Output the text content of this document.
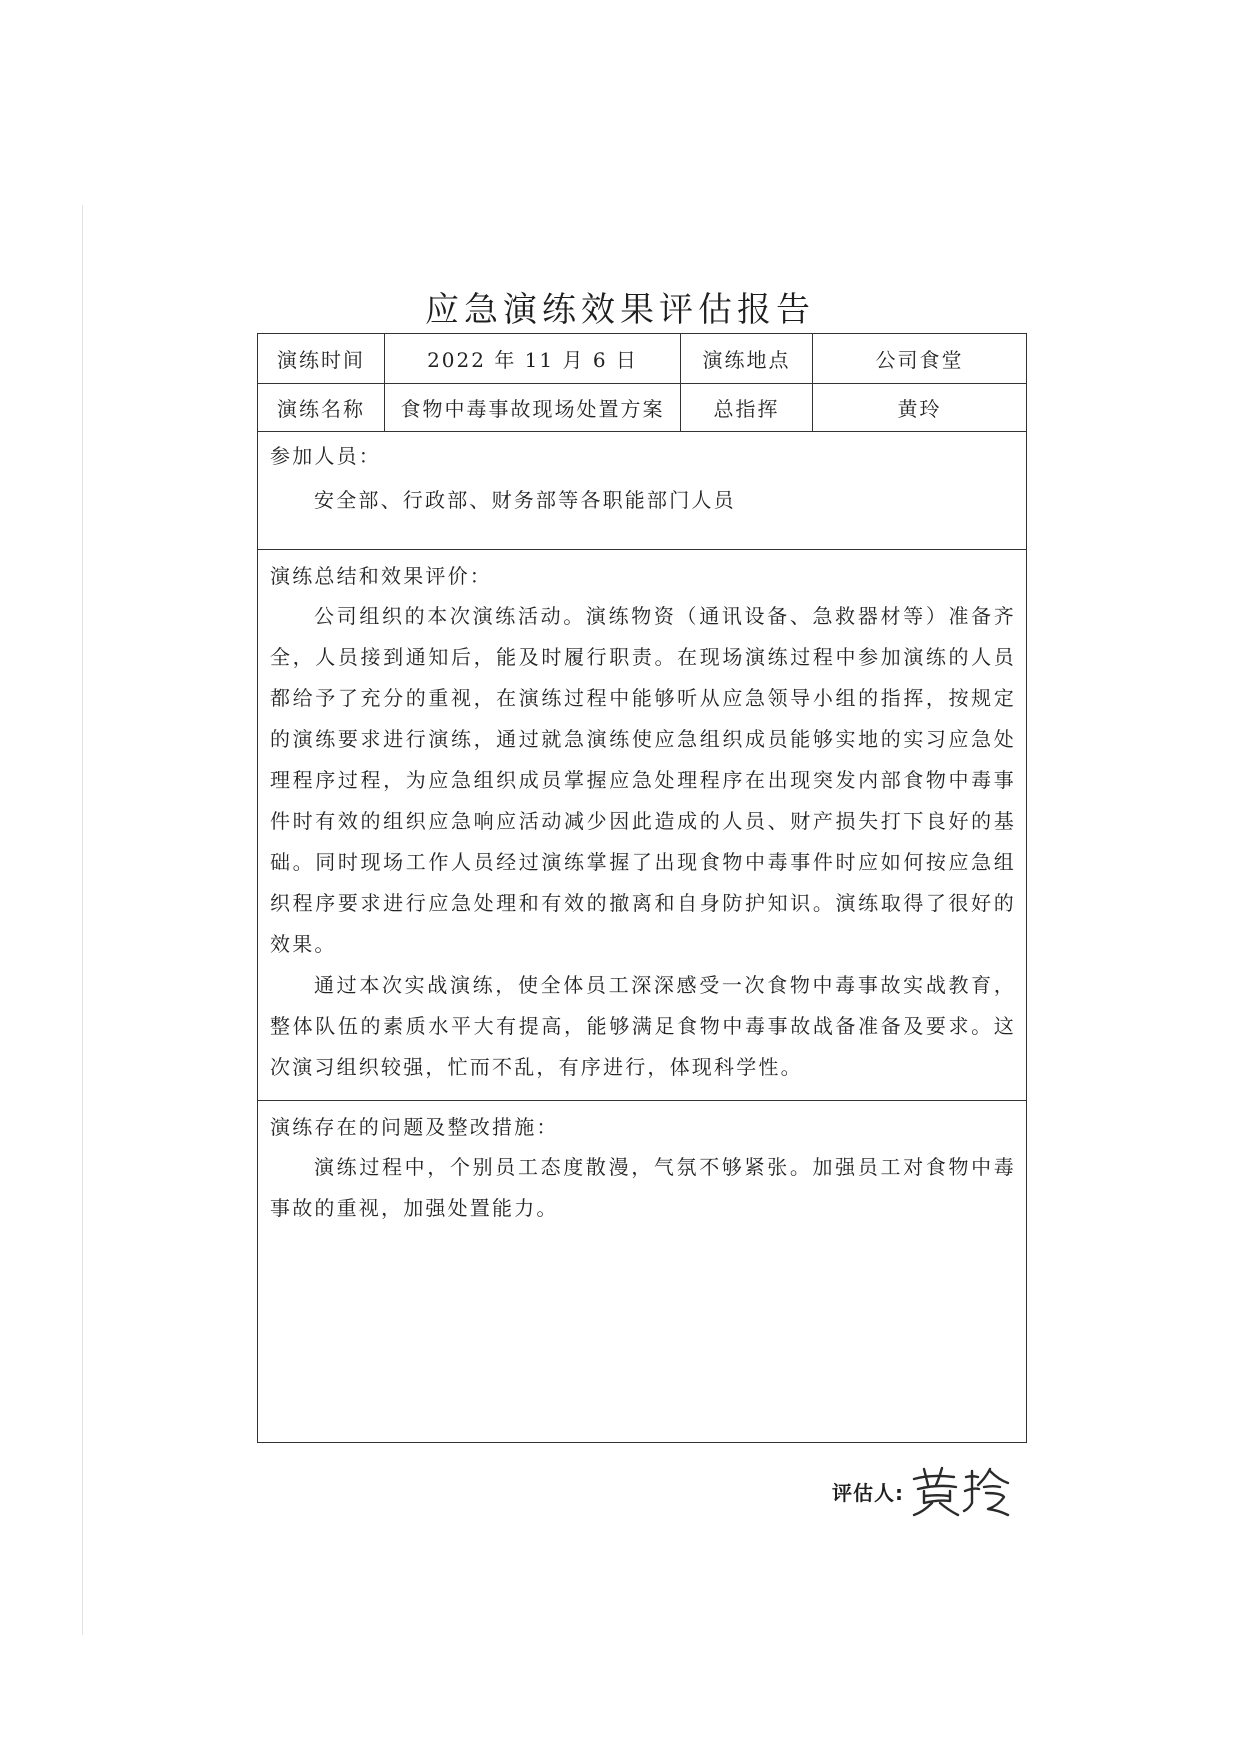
应急演练效果评估报告
演练时间	2022 年 11 月 6 日	演练地点	公司食堂
演练名称	食物中毒事故现场处置方案	总指挥	黄玲

参加人员：

安全部、行政部、财务部等各职能部门人员

演练总结和效果评价：

公司组织的本次演练活动。演练物资（通讯设备、急救器材等）准备齐全，人员接到通知后，能及时履行职责。在现场演练过程中参加演练的人员都给予了充分的重视，在演练过程中能够听从应急领导小组的指挥，按规定的演练要求进行演练，通过就急演练使应急组织成员能够实地的实习应急处理程序过程，为应急组织成员掌握应急处理程序在出现突发内部食物中毒事件时有效的组织应急响应活动减少因此造成的人员、财产损失打下良好的基础。同时现场工作人员经过演练掌握了出现食物中毒事件时应如何按应急组织程序要求进行应急处理和有效的撤离和自身防护知识。演练取得了很好的效果。

通过本次实战演练，使全体员工深深感受一次食物中毒事故实战教育，整体队伍的素质水平大有提高，能够满足食物中毒事故战备准备及要求。这次演习组织较强，忙而不乱，有序进行，体现科学性。

演练存在的问题及整改措施：

演练过程中，个别员工态度散漫，气氛不够紧张。加强员工对食物中毒事故的重视，加强处置能力。

评估人:
